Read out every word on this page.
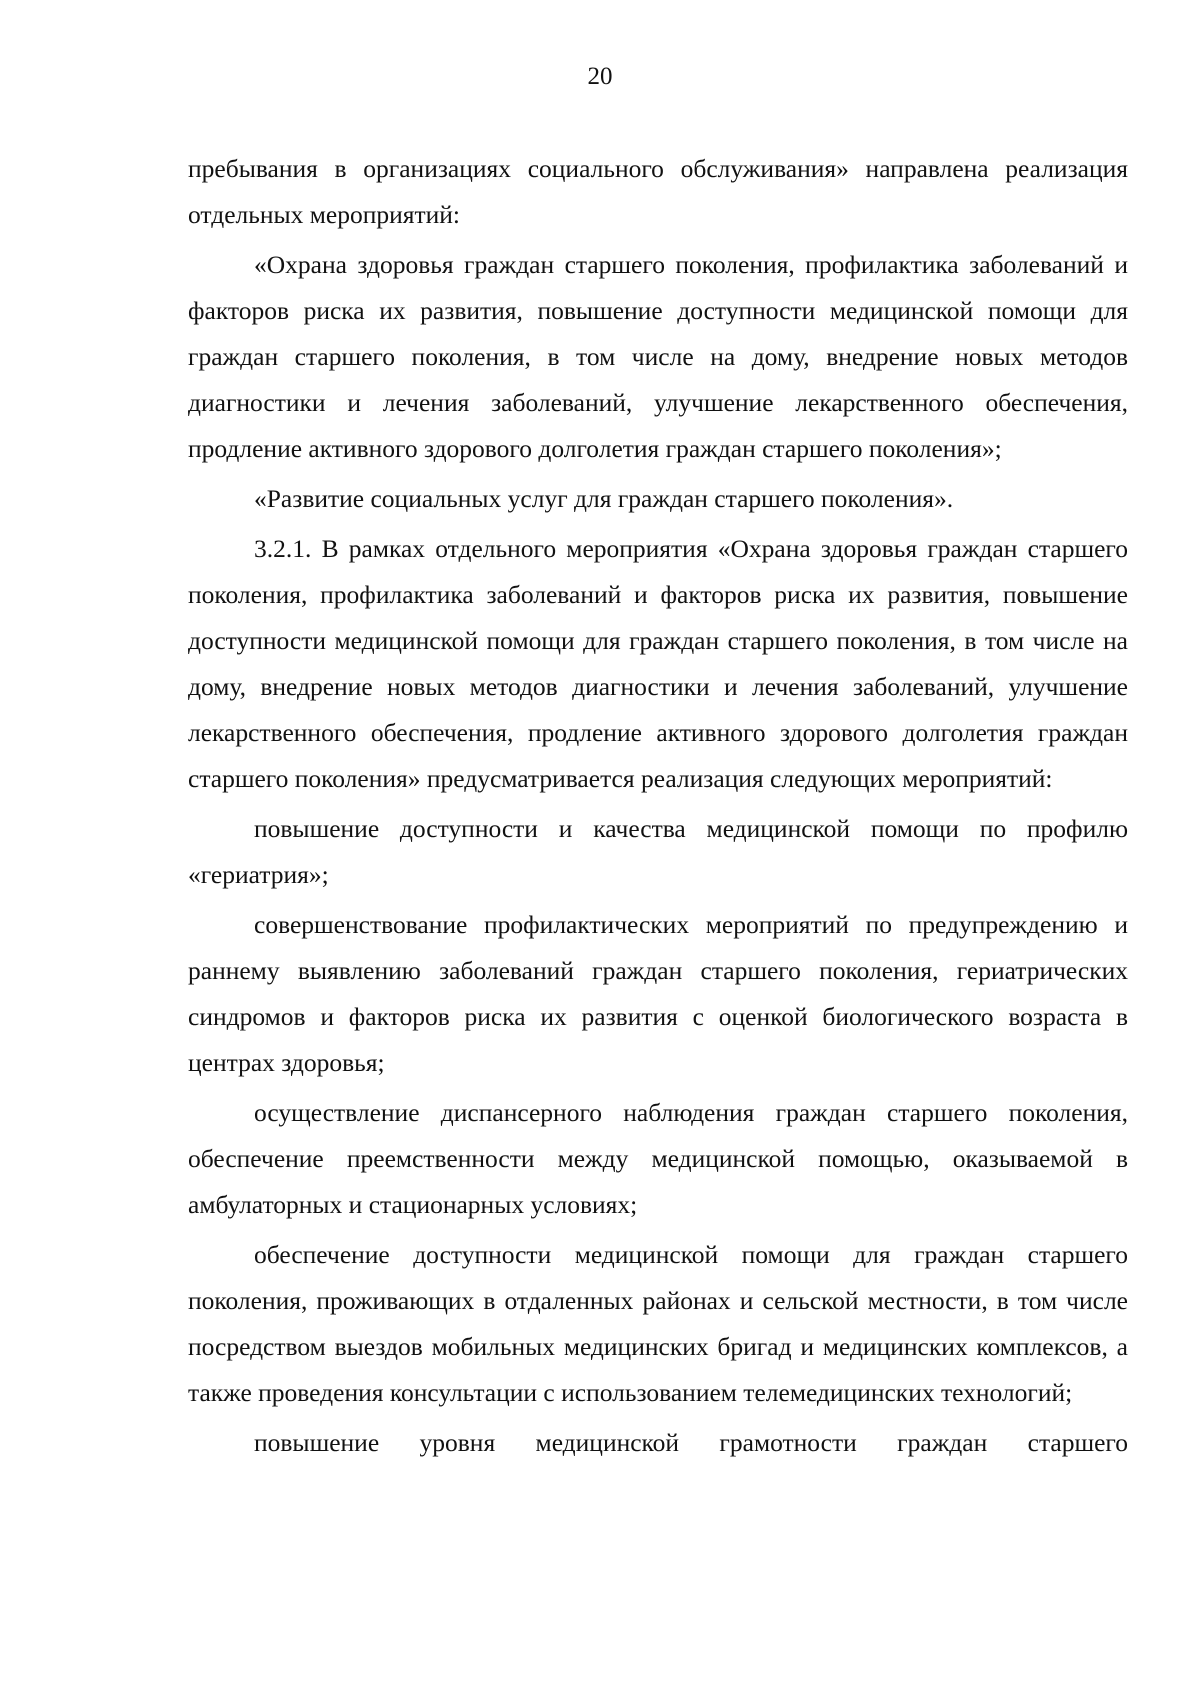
20

пребывания в организациях социального обслуживания» направлена реализация отдельных мероприятий:

«Охрана здоровья граждан старшего поколения, профилактика заболеваний и факторов риска их развития, повышение доступности медицинской помощи для граждан старшего поколения, в том числе на дому, внедрение новых методов диагностики и лечения заболеваний, улучшение лекарственного обеспечения, продление активного здорового долголетия граждан старшего поколения»;

«Развитие социальных услуг для граждан старшего поколения».

3.2.1. В рамках отдельного мероприятия «Охрана здоровья граждан старшего поколения, профилактика заболеваний и факторов риска их развития, повышение доступности медицинской помощи для граждан старшего поколения, в том числе на дому, внедрение новых методов диагностики и лечения заболеваний, улучшение лекарственного обеспечения, продление активного здорового долголетия граждан старшего поколения» предусматривается реализация следующих мероприятий:

повышение доступности и качества медицинской помощи по профилю «гериатрия»;

совершенствование профилактических мероприятий по предупреждению и раннему выявлению заболеваний граждан старшего поколения, гериатрических синдромов и факторов риска их развития с оценкой биологического возраста в центрах здоровья;

осуществление диспансерного наблюдения граждан старшего поколения, обеспечение преемственности между медицинской помощью, оказываемой в амбулаторных и стационарных условиях;

обеспечение доступности медицинской помощи для граждан старшего поколения, проживающих в отдаленных районах и сельской местности, в том числе посредством выездов мобильных медицинских бригад и медицинских комплексов, а также проведения консультации с использованием телемедицинских технологий;

повышение уровня медицинской грамотности граждан старшего
